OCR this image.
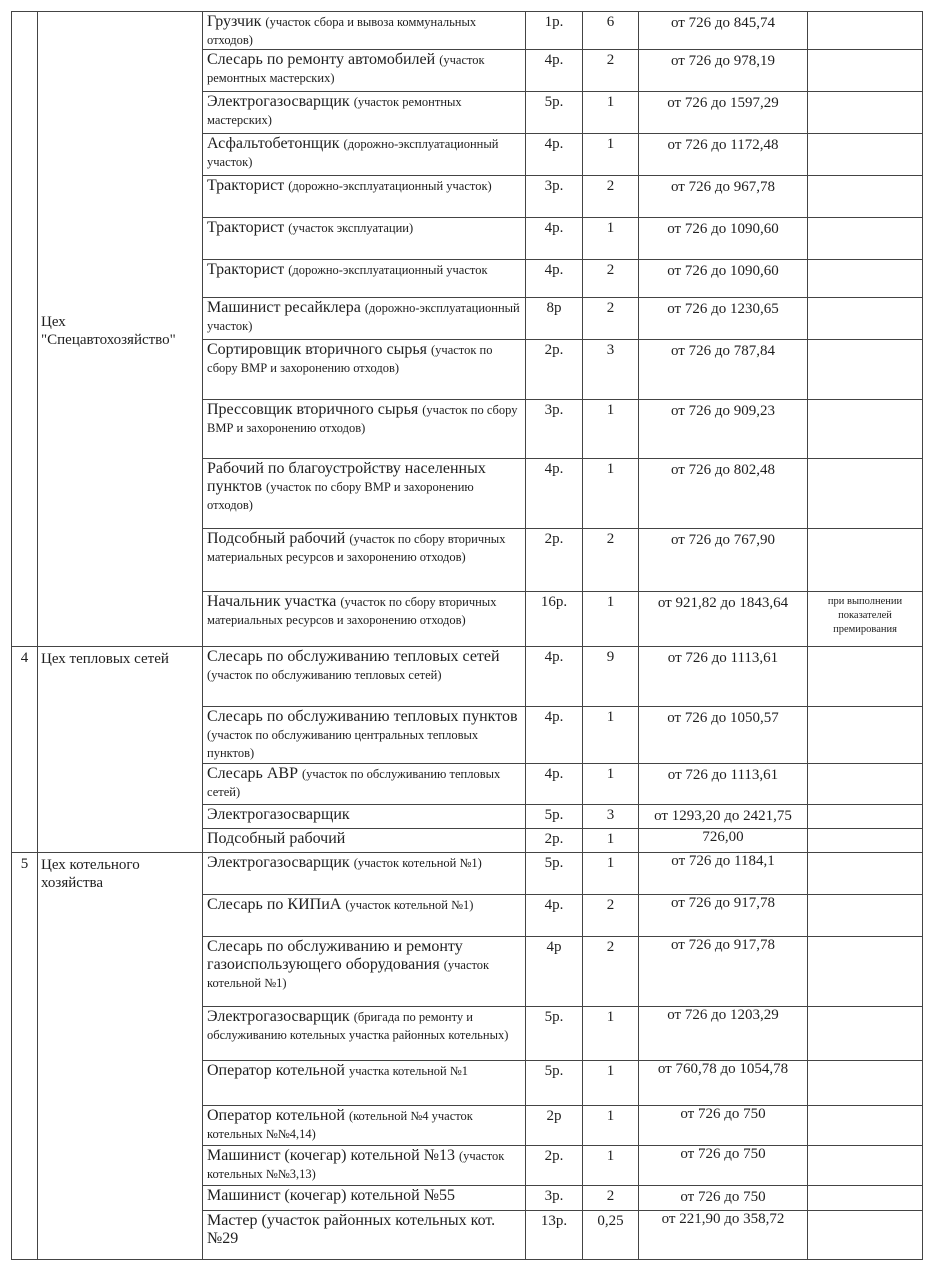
	Цех "Спецавтохозяйство"	Грузчик (участок сбора и вывоза коммунальных отходов)	1р.	6	от 726 до 845,74	
		Слесарь по ремонту автомобилей (участок ремонтных мастерских)	4р.	2	от 726 до 978,19	
		Электрогазосварщик (участок ремонтных мастерских)	5р.	1	от 726 до 1597,29	
		Асфальтобетонщик (дорожно-эксплуатационный участок)	4р.	1	от 726 до 1172,48	
		Тракторист (дорожно-эксплуатационный участок)	3р.	2	от 726 до 967,78	
		Тракторист (участок эксплуатации)	4р.	1	от 726 до 1090,60	
		Тракторист (дорожно-эксплуатационный участок	4р.	2	от 726 до 1090,60	
		Машинист ресайклера (дорожно-эксплуатационный участок)	8р	2	от 726 до 1230,65	
		Сортировщик вторичного сырья (участок по сбору ВМР и захоронению отходов)	2р.	3	от 726 до 787,84	
		Прессовщик вторичного сырья (участок по сбору ВМР и захоронению отходов)	3р.	1	от 726 до 909,23	
		Рабочий по благоустройству населенных пунктов (участок по сбору ВМР и захоронению отходов)	4р.	1	от 726 до 802,48	
		Подсобный рабочий (участок по сбору вторичных материальных ресурсов и захоронению отходов)	2р.	2	от 726 до 767,90	
		Начальник участка (участок по сбору вторичных материальных ресурсов и захоронению отходов)	16р.	1	от 921,82 до 1843,64	при выполнении показателей премирования
4	Цех тепловых сетей	Слесарь по обслуживанию тепловых сетей (участок по обслуживанию тепловых сетей)	4р.	9	от 726 до 1113,61	
		Слесарь по обслуживанию тепловых пунктов (участок по обслуживанию центральных тепловых пунктов)	4р.	1	от 726 до 1050,57	
		Слесарь АВР (участок по обслуживанию тепловых сетей)	4р.	1	от 726 до 1113,61	
		Электрогазосварщик	5р.	3	от 1293,20 до 2421,75	
		Подсобный рабочий	2р.	1	726,00	
5	Цех котельного хозяйства	Электрогазосварщик (участок котельной №1)	5р.	1	от 726 до 1184,1	
		Слесарь по КИПиА (участок котельной №1)	4р.	2	от 726 до 917,78	
		Слесарь по обслуживанию и ремонту газоиспользующего оборудования (участок котельной №1)	4р	2	от 726 до 917,78	
		Электрогазосварщик (бригада по ремонту и обслуживанию котельных участка районных котельных)	5р.	1	от 726 до 1203,29	
		Оператор котельной участка котельной №1	5р.	1	от 760,78 до 1054,78	
		Оператор котельной (котельной №4 участок котельных №№4,14)	2р	1	от 726 до 750	
		Машинист (кочегар) котельной №13 (участок котельных №№3,13)	2р.	1	от 726 до 750	
		Машинист (кочегар) котельной №55	3р.	2	от 726 до 750	
		Мастер (участок районных котельных кот. №29	13р.	0,25	от 221,90 до 358,72	
